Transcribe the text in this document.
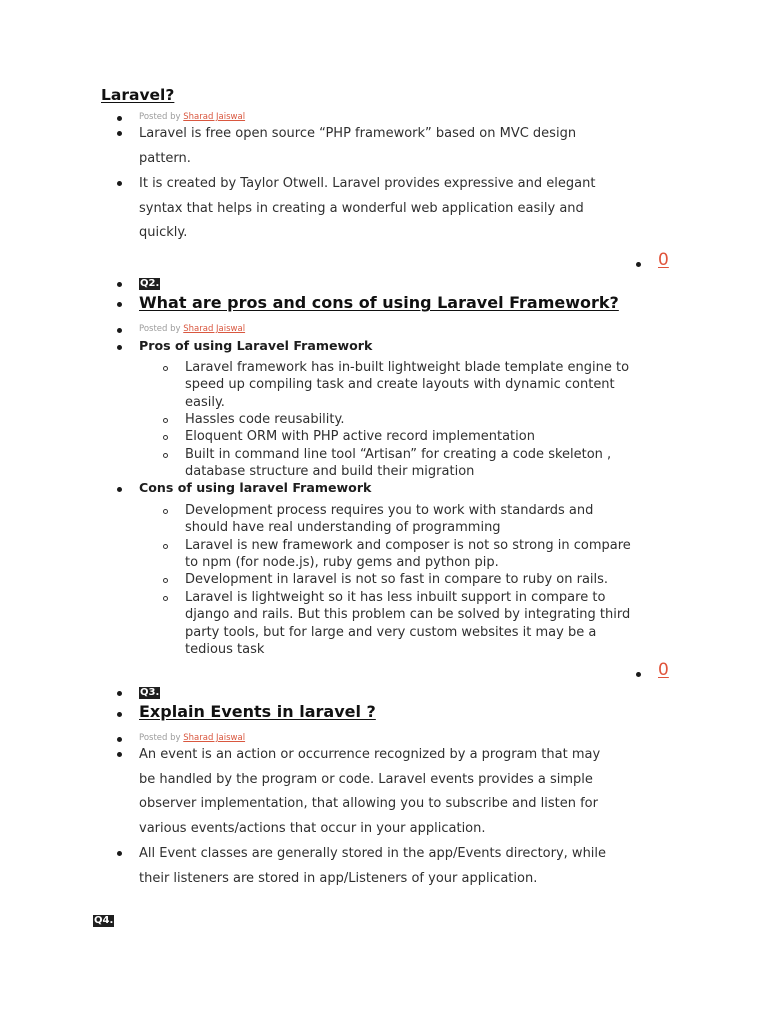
Laravel?
Posted by Sharad Jaiswal
Laravel is free open source “PHP framework” based on MVC design pattern.
It is created by Taylor Otwell. Laravel provides expressive and elegant syntax that helps in creating a wonderful web application easily and quickly.
0
Q2.
What are pros and cons of using Laravel Framework?
Posted by Sharad Jaiswal
Pros of using Laravel Framework
Laravel framework has in-built lightweight blade template engine to speed up compiling task and create layouts with dynamic content easily.
Hassles code reusability.
Eloquent ORM with PHP active record implementation
Built in command line tool “Artisan” for creating a code skeleton , database structure and build their migration
Cons of using laravel Framework
Development process requires you to work with standards and should have real understanding of programming
Laravel is new framework and composer is not so strong in compare to npm (for node.js), ruby gems and python pip.
Development in laravel is not so fast in compare to ruby on rails.
Laravel is lightweight so it has less inbuilt support in compare to django and rails. But this problem can be solved by integrating third party tools, but for large and very custom websites it may be a tedious task
0
Q3.
Explain Events in laravel ?
Posted by Sharad Jaiswal
An event is an action or occurrence recognized by a program that may be handled by the program or code. Laravel events provides a simple observer implementation, that allowing you to subscribe and listen for various events/actions that occur in your application.
All Event classes are generally stored in the app/Events directory, while their listeners are stored in app/Listeners of your application.
Q4.
